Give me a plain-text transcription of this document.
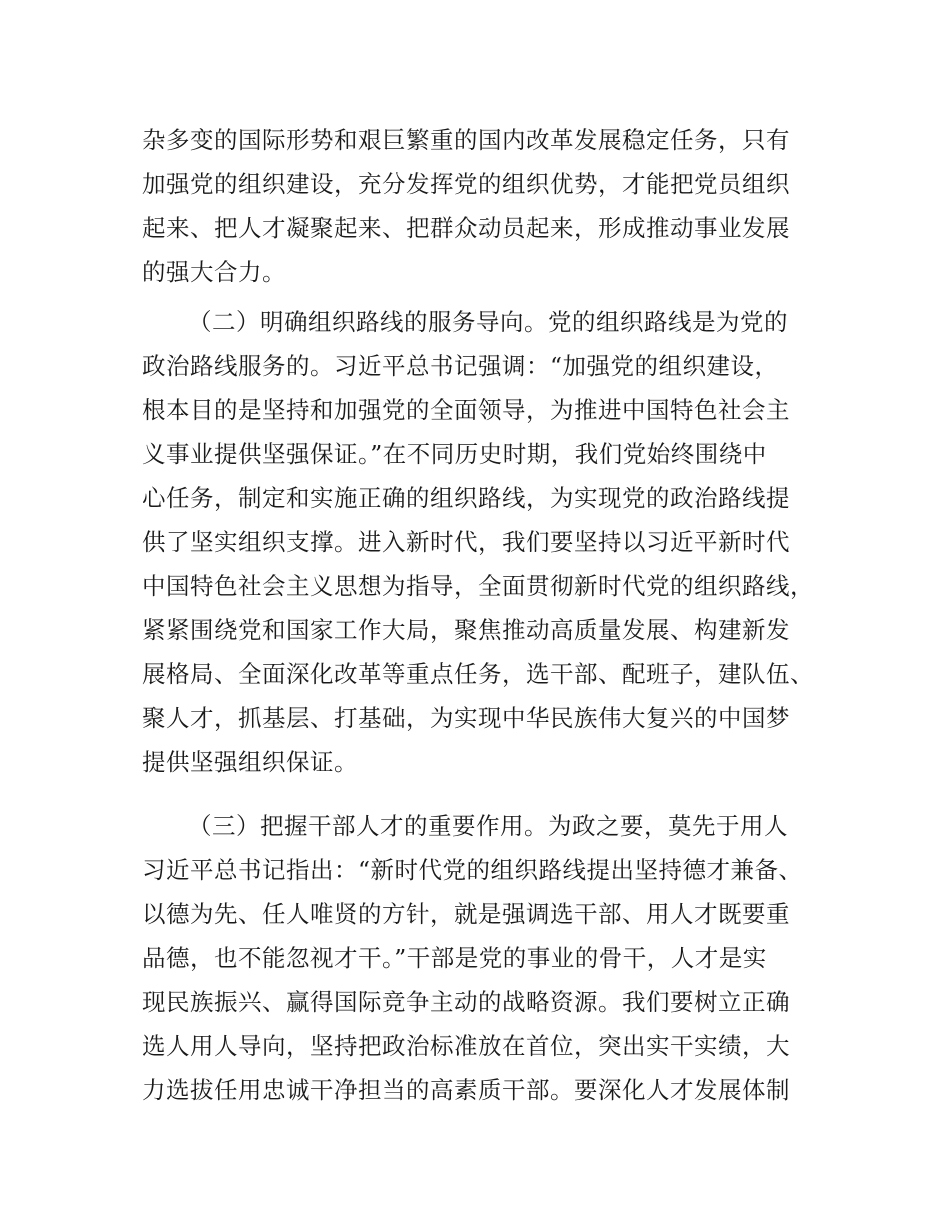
杂多变的国际形势和艰巨繁重的国内改革发展稳定任务，只有
加强党的组织建设，充分发挥党的组织优势，才能把党员组织
起来、把人才凝聚起来、把群众动员起来，形成推动事业发展
的强大合力。
（二）明确组织路线的服务导向。党的组织路线是为党的
政治路线服务的。习近平总书记强调：“加强党的组织建设，
根本目的是坚持和加强党的全面领导，为推进中国特色社会主
义事业提供坚强保证。”在不同历史时期，我们党始终围绕中
心任务，制定和实施正确的组织路线，为实现党的政治路线提
供了坚实组织支撑。进入新时代，我们要坚持以习近平新时代
中国特色社会主义思想为指导，全面贯彻新时代党的组织路线，
紧紧围绕党和国家工作大局，聚焦推动高质量发展、构建新发
展格局、全面深化改革等重点任务，选干部、配班子，建队伍、
聚人才，抓基层、打基础，为实现中华民族伟大复兴的中国梦
提供坚强组织保证。
（三）把握干部人才的重要作用。为政之要，莫先于用人
习近平总书记指出：“新时代党的组织路线提出坚持德才兼备、
以德为先、任人唯贤的方针，就是强调选干部、用人才既要重
品德，也不能忽视才干。”干部是党的事业的骨干，人才是实
现民族振兴、赢得国际竞争主动的战略资源。我们要树立正确
选人用人导向，坚持把政治标准放在首位，突出实干实绩，大
力选拔任用忠诚干净担当的高素质干部。要深化人才发展体制
